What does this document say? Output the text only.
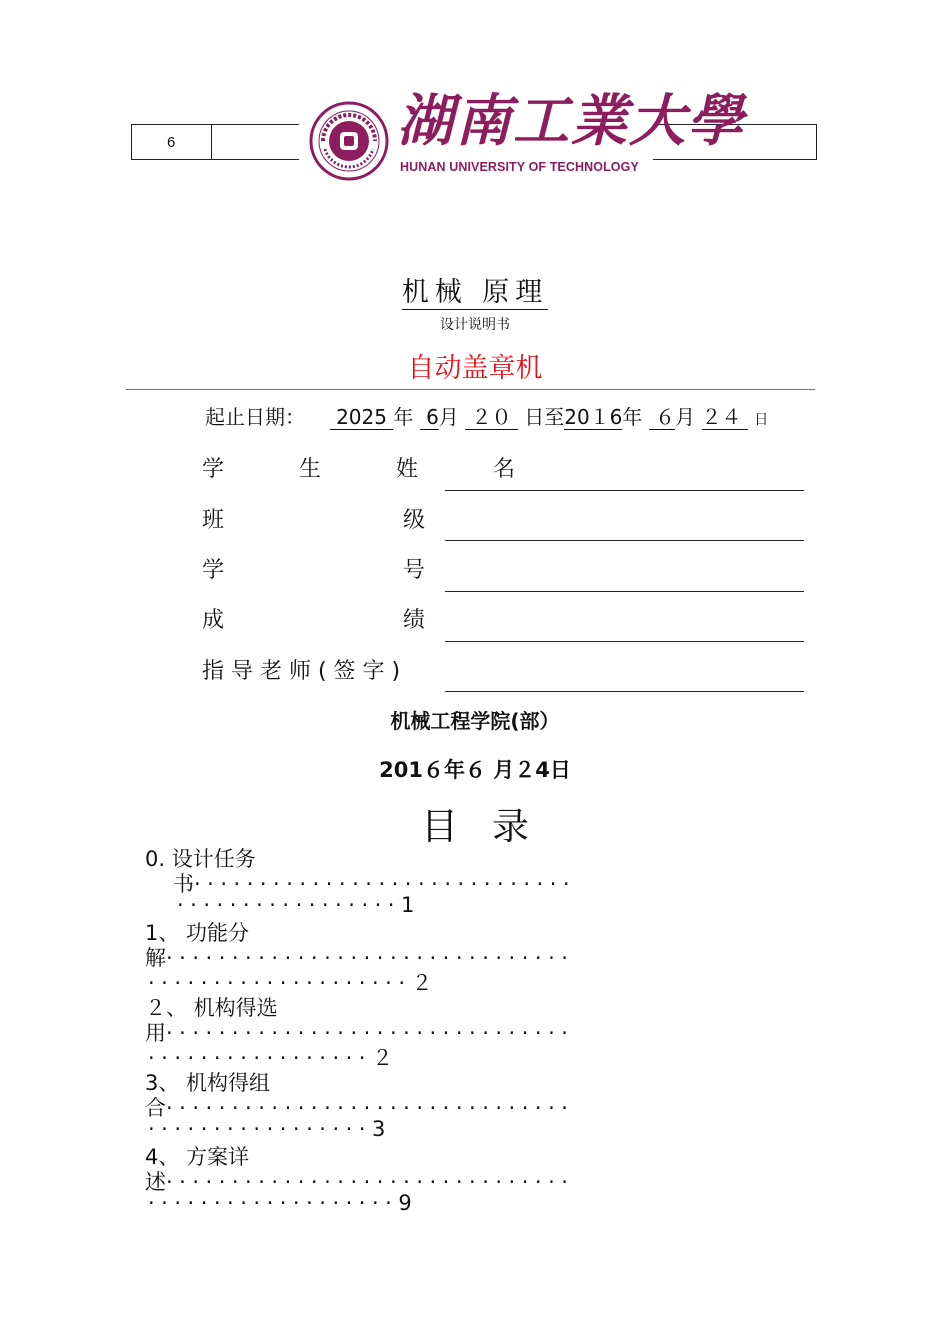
6	湖南工業大學
HUNAN UNIVERSITY OF TECHNOLOGY
机械 原理
设计说明书
自动盖章机
起止日期： 2025 年 6月 ２０ 日至20１6年 ６月 ２４ 日
学 生 姓 名
班 级
学 号
成 绩
指 导 老 师 ( 签 字 )
机械工程学院(部）
201６年６ 月２4日
目录
0. 设计任务
书·····························
·················1
1、 功能分
解·······························
····················２
２、 机构得选
用·······························
·················２
3、 机构得组
合·······························
·················3
4、 方案详
述·······························
···················9
